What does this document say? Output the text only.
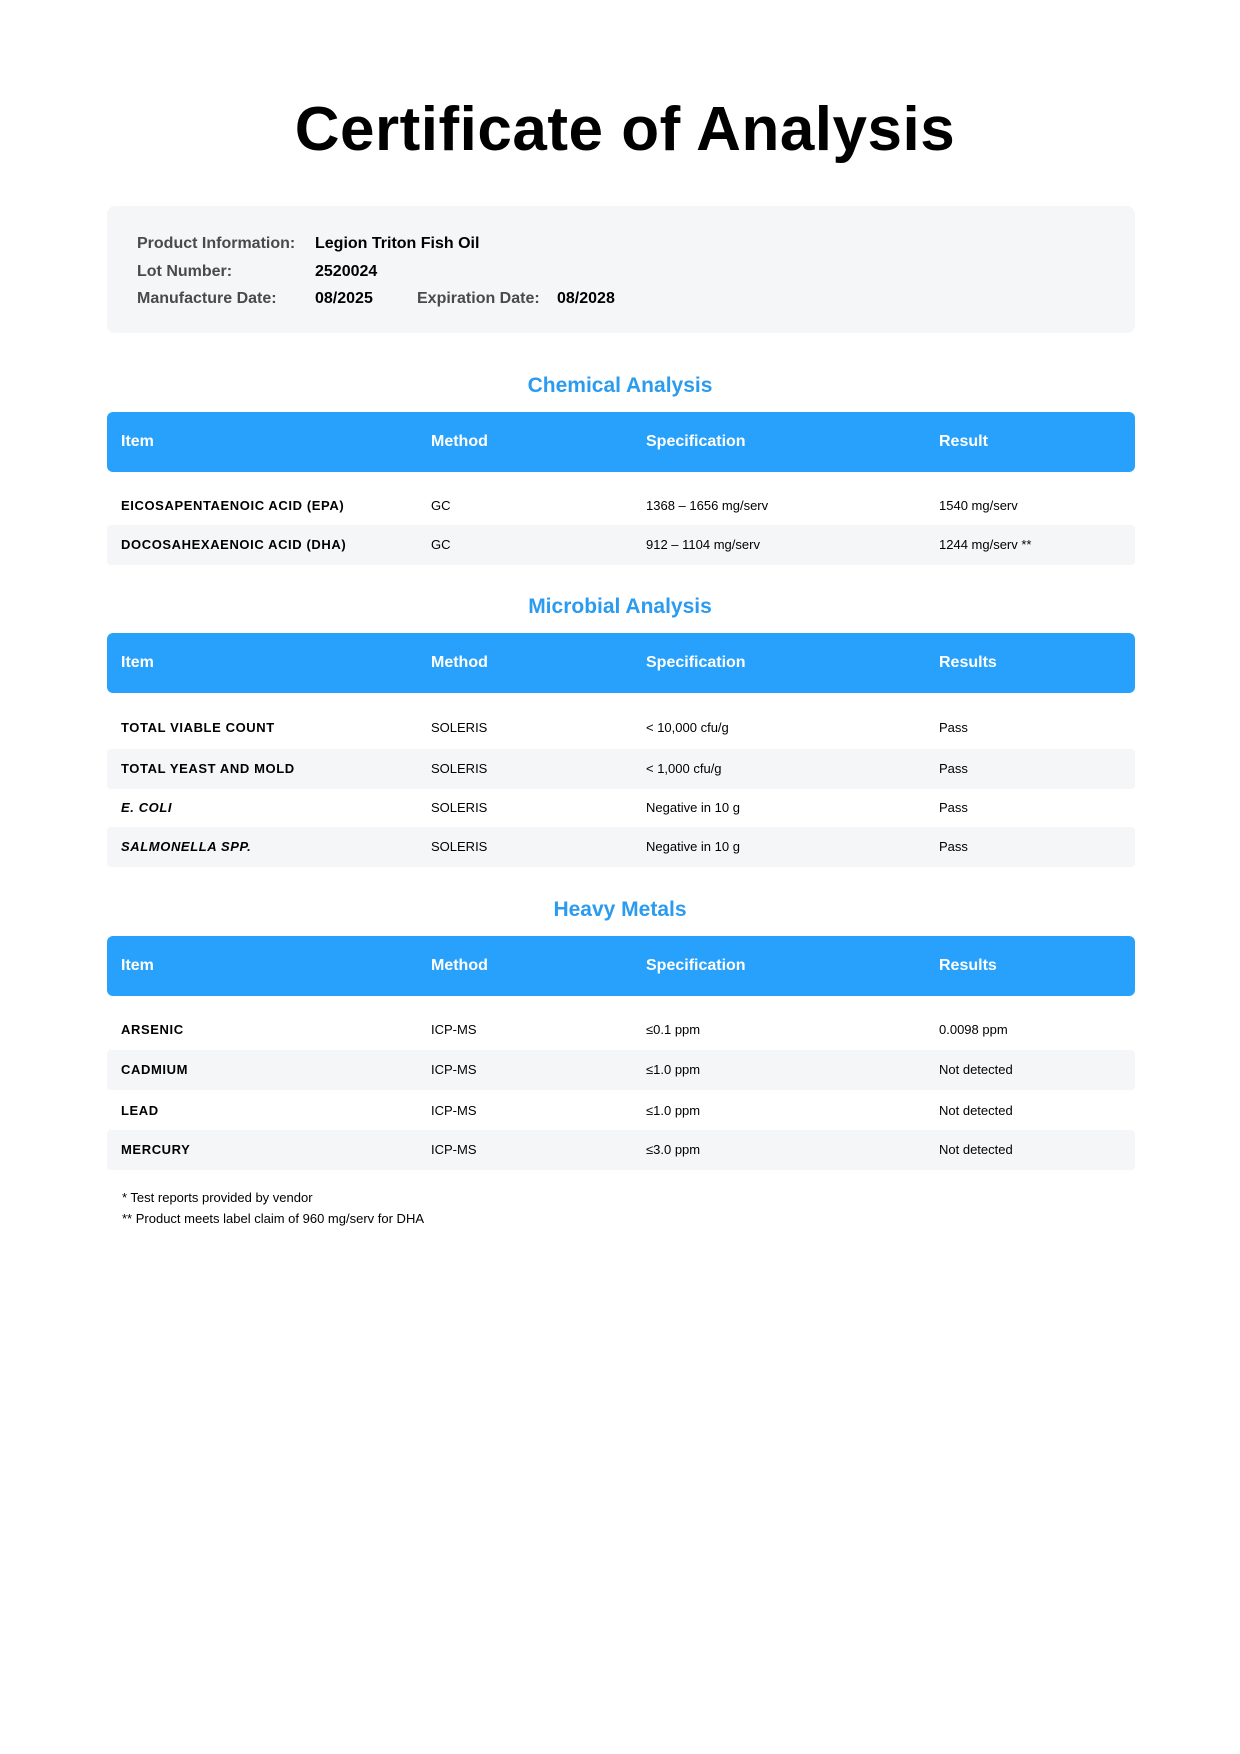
Certificate of Analysis
Product Information: Legion Triton Fish Oil
Lot Number:	2520024
Manufacture Date: 08/2025	Expiration Date: 08/2028
Chemical Analysis
Item	Method	Specification	Result
EICOSAPENTAENOIC ACID (EPA)	GC	1368 – 1656 mg/serv	1540 mg/serv
DOCOSAHEXAENOIC ACID (DHA)	GC	912 – 1104 mg/serv	1244 mg/serv **
Microbial Analysis
Item	Method	Specification	Results
TOTAL VIABLE COUNT	SOLERIS	< 10,000 cfu/g	Pass
TOTAL YEAST AND MOLD	SOLERIS	< 1,000 cfu/g	Pass
E. COLI	SOLERIS	Negative in 10 g	Pass
SALMONELLA SPP.	SOLERIS	Negative in 10 g	Pass
Heavy Metals
Item	Method	Specification	Results
ARSENIC	ICP-MS	≤0.1 ppm	0.0098 ppm
CADMIUM	ICP-MS	≤1.0 ppm	Not detected
LEAD	ICP-MS	≤1.0 ppm	Not detected
MERCURY	ICP-MS	≤3.0 ppm	Not detected
* Test reports provided by vendor
** Product meets label claim of 960 mg/serv for DHA
